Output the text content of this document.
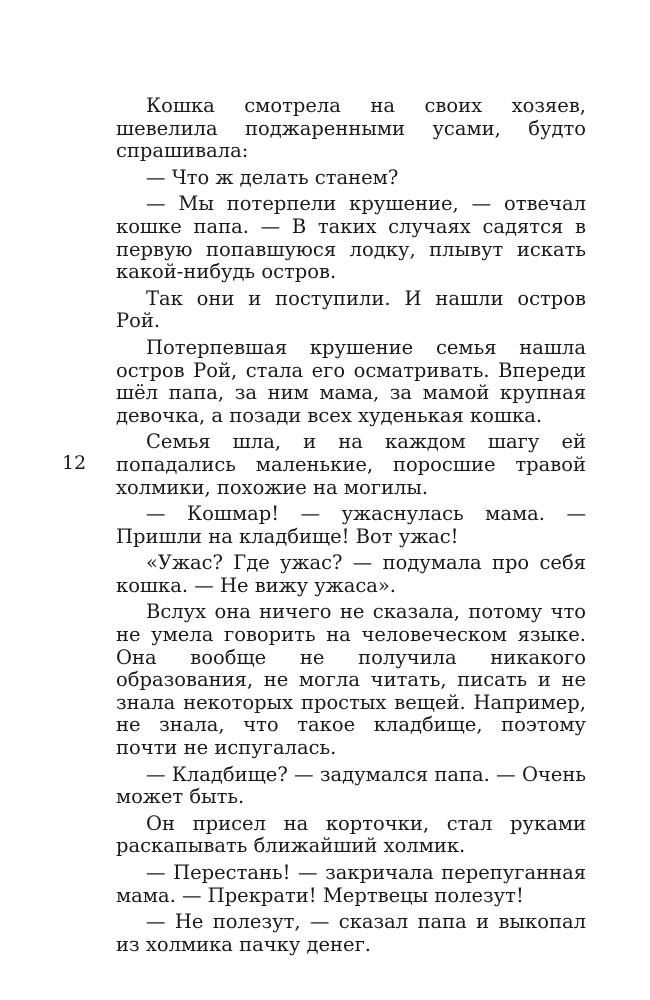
12

Кошка смотрела на своих хозяев, шевелила поджаренными усами, будто спрашивала:

— Что ж делать станем?

— Мы потерпели крушение, — отвечал кошке папа. — В таких случаях садятся в первую попавшуюся лодку, плывут искать какой-нибудь остров.

Так они и поступили. И нашли остров Рой.

Потерпевшая крушение семья нашла остров Рой, стала его осматривать. Впереди шёл папа, за ним мама, за мамой крупная девочка, а позади всех худенькая кошка.

Семья шла, и на каждом шагу ей попадались маленькие, поросшие травой холмики, похожие на могилы.

— Кошмар! — ужаснулась мама. — Пришли на кладбище! Вот ужас!

«Ужас? Где ужас? — подумала про себя кошка. — Не вижу ужаса».

Вслух она ничего не сказала, потому что не умела говорить на человеческом языке. Она вообще не получила никакого образования, не могла читать, писать и не знала некоторых простых вещей. Например, не знала, что такое кладбище, поэтому почти не испугалась.

— Кладбище? — задумался папа. — Очень может быть.

Он присел на корточки, стал руками раскапывать ближайший холмик.

— Перестань! — закричала перепуганная мама. — Прекрати! Мертвецы полезут!

— Не полезут, — сказал папа и выкопал из холмика пачку денег.
